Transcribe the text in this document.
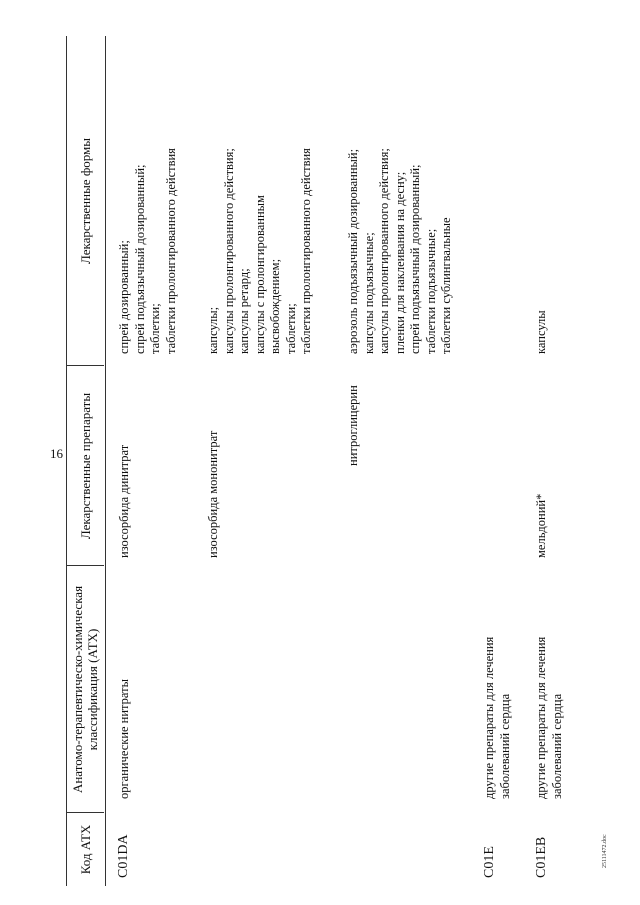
16
25111472.doc
Код АТХ
Анатомо-терапевтическо-химическая классификация (АТХ)
Лекарственные препараты
Лекарственные формы
C01DA
органические нитраты
изосорбида динитрат
спрей дозированный; спрей подъязычный дозированный; таблетки; таблетки пролонгированного действия
изосорбида мононитрат
капсулы; капсулы пролонгированного действия; капсулы ретард; капсулы с пролонгированным высвобождением; таблетки; таблетки пролонгированного действия
нитроглицерин
аэрозоль подъязычный дозированный; капсулы подъязычные; капсулы пролонгированного действия; пленки для наклеивания на десну; спрей подъязычный дозированный; таблетки подъязычные; таблетки сублингвальные
C01E
другие препараты для лечения заболеваний сердца
C01EB
другие препараты для лечения заболеваний сердца
мельдоний*
капсулы
